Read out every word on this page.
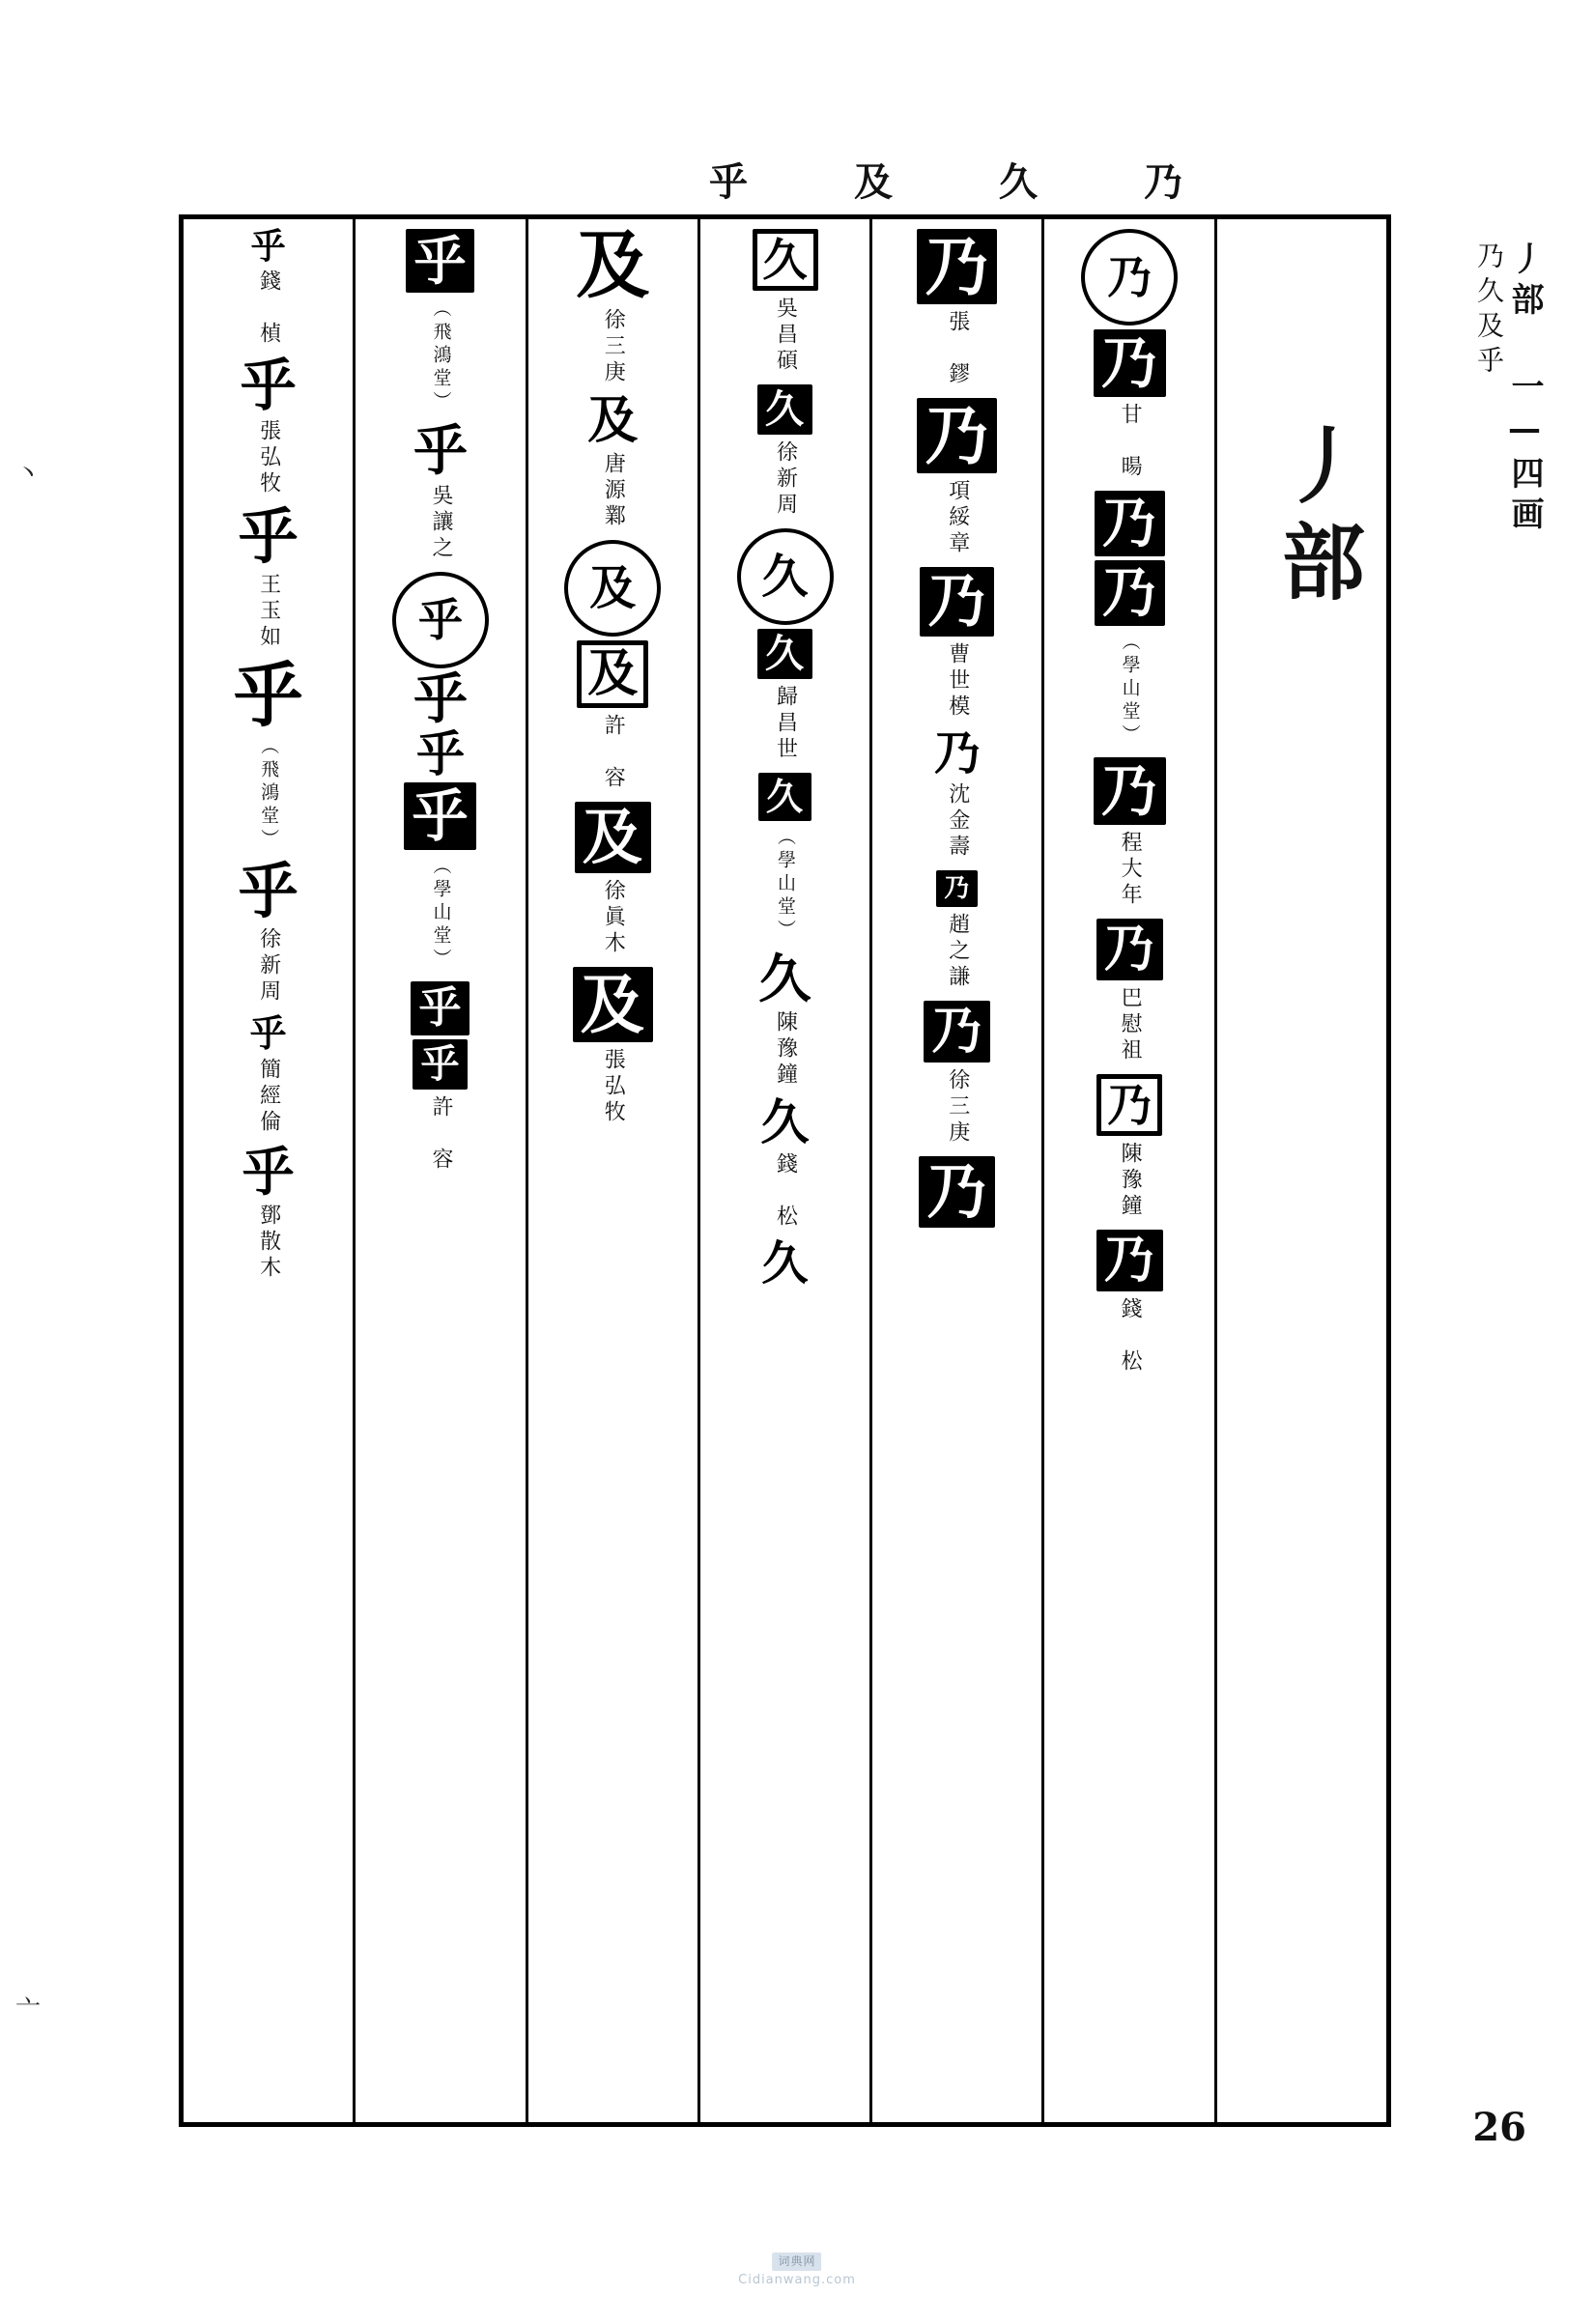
乃
久
及
乎
丿部
乃
乃
甘　暘
乃
乃
（學山堂）
乃
程大年
乃
巴慰祖
乃
陳豫鐘
乃
錢　松
乃
張　鏐
乃
項綏章
乃
曹世模
乃
沈金壽
乃
趙之謙
乃
徐三庚
乃
久
吳昌碩
久
徐新周
久
久
歸昌世
久
（學山堂）
久
陳豫鐘
久
錢　松
久
及
徐三庚
及
唐源鄴
及
及
許　容
及
徐眞木
及
張弘牧
乎
（飛鴻堂）
乎
吳讓之
乎
乎
乎
乎
（學山堂）
乎
乎
許　容
乎
錢　楨
乎
張弘牧
乎
王玉如
乎
（飛鴻堂）
乎
徐新周
乎
簡經倫
乎
鄧散木
丿部 一—四画
乃久及乎
26
丶
亠
词典网
Cidianwang.com
